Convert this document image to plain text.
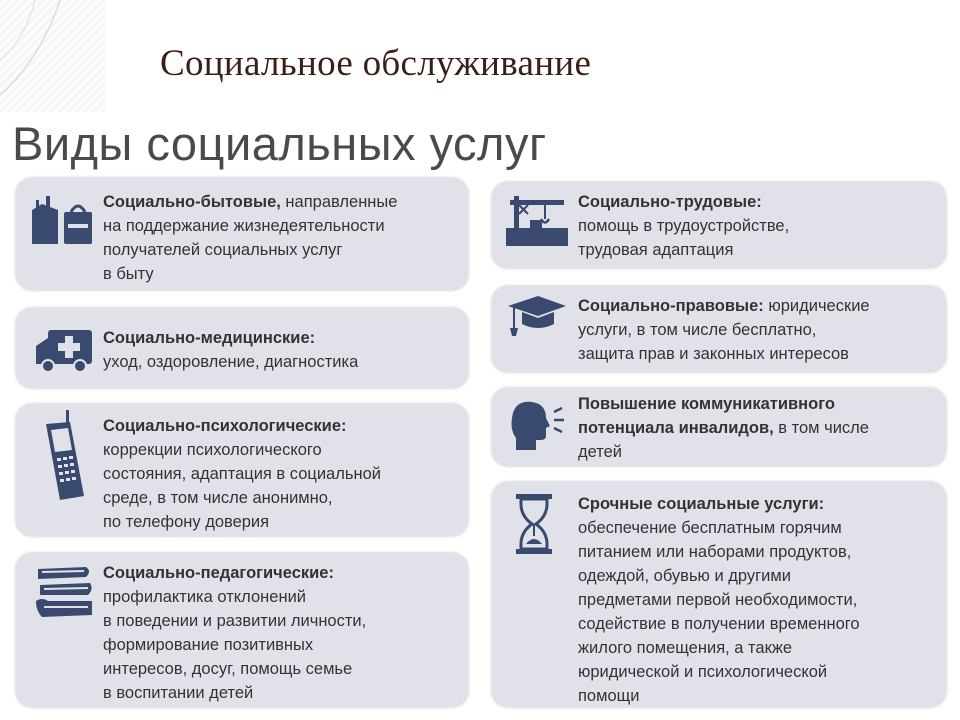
Социальное обслуживание
Виды социальных услуг
Социально-бытовые, направленные
на поддержание жизнедеятельности
получателей социальных услуг
в быту
Социально-медицинские:
уход, оздоровление, диагностика
Социально-психологические:
коррекции психологического
состояния, адаптация в социальной
среде, в том числе анонимно,
по телефону доверия
Социально-педагогические:
профилактика отклонений
в поведении и развитии личности,
формирование позитивных
интересов, досуг, помощь семье
в воспитании детей
Социально-трудовые:
помощь в трудоустройстве,
трудовая адаптация
Социально-правовые: юридические
услуги, в том числе бесплатно,
защита прав и законных интересов
Повышение коммуникативного
потенциала инвалидов, в том числе
детей
Срочные социальные услуги:
обеспечение бесплатным горячим
питанием или наборами продуктов,
одеждой, обувью и другими
предметами первой необходимости,
содействие в получении временного
жилого помещения, а также
юридической и психологической
помощи
